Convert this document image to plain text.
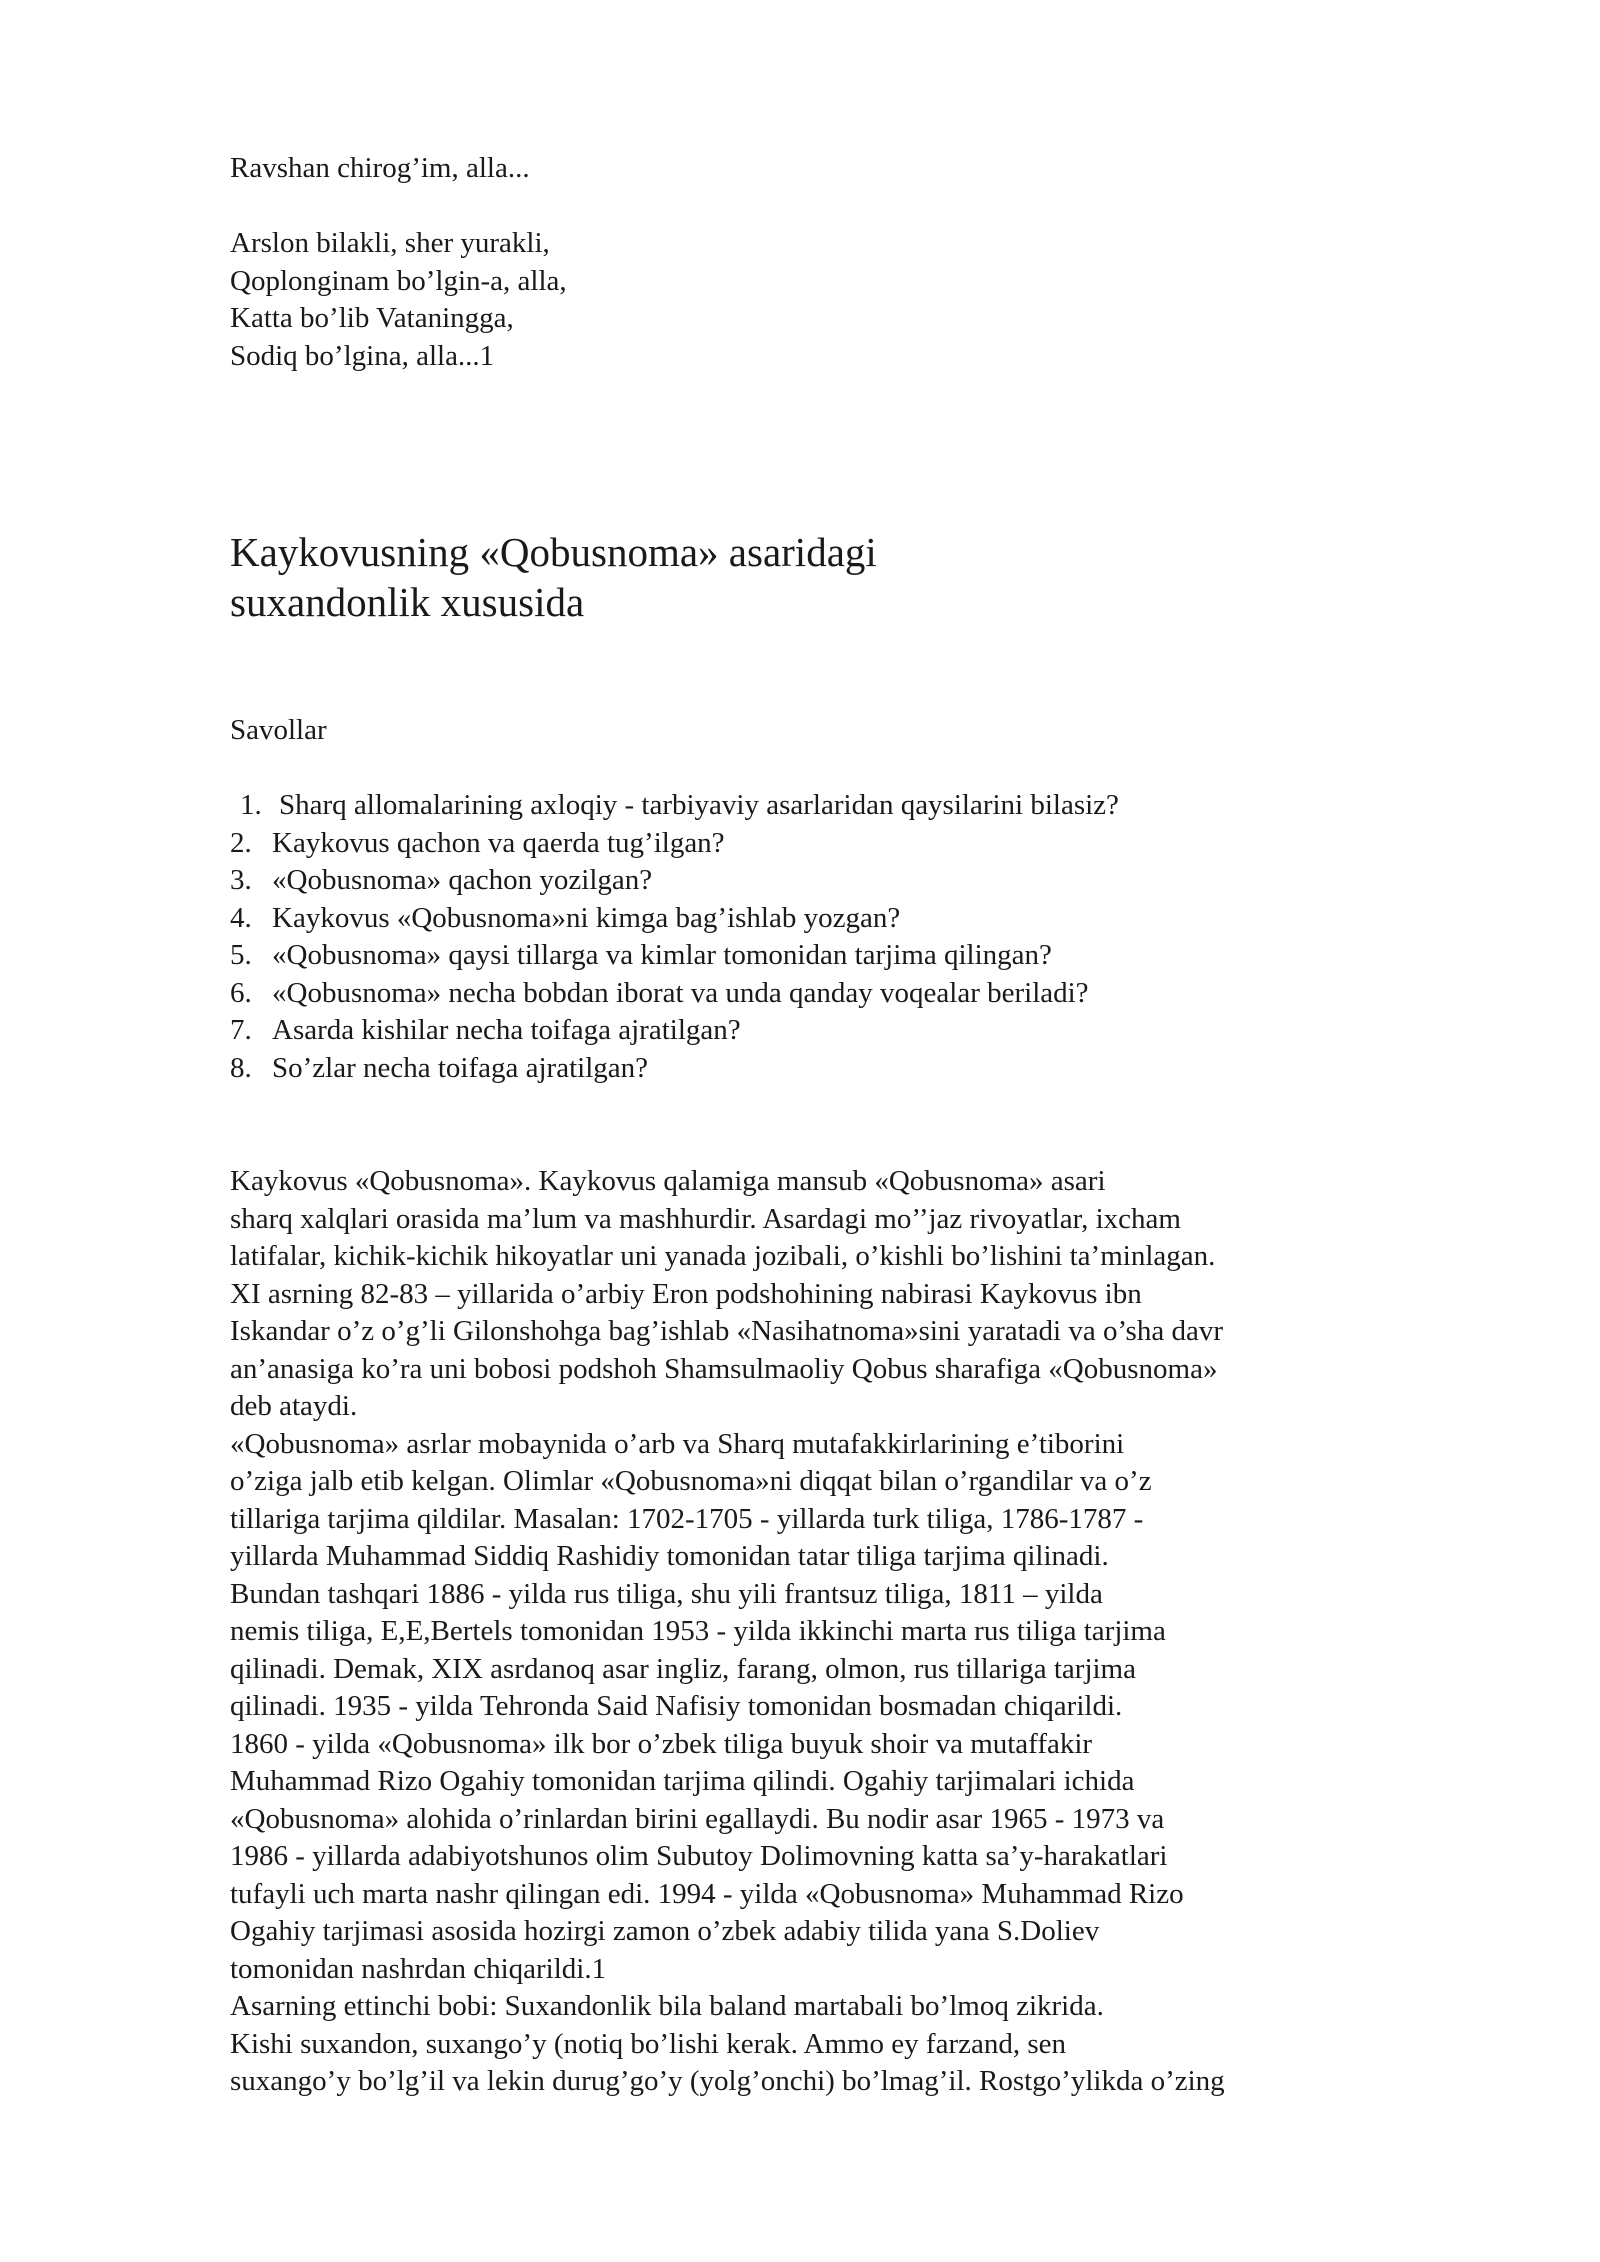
Ravshan chirog’im, alla...

Arslon bilakli, sher yurakli,

Qoplonginam bo’lgin-a, alla,

Katta bo’lib Vataningga,

Sodiq bo’lgina, alla...1

Kaykovusning «Qobusnoma» asaridagi

suxandonlik xususida

Savollar

1. Sharq allomalarining axloqiy - tarbiyaviy asarlaridan qaysilarini bilasiz?
2. Kaykovus qachon va qaerda tug’ilgan?
3. «Qobusnoma» qachon yozilgan?
4. Kaykovus «Qobusnoma»ni kimga bag’ishlab yozgan?
5. «Qobusnoma» qaysi tillarga va kimlar tomonidan tarjima qilingan?
6. «Qobusnoma» necha bobdan iborat va unda qanday voqealar beriladi?
7. Asarda kishilar necha toifaga ajratilgan?
8. So’zlar necha toifaga ajratilgan?

Kaykovus «Qobusnoma». Kaykovus qalamiga mansub «Qobusnoma» asari

sharq xalqlari orasida ma’lum va mashhurdir. Asardagi mo’’jaz rivoyatlar, ixcham

latifalar, kichik-kichik hikoyatlar uni yanada jozibali, o’kishli bo’lishini ta’minlagan.

XI asrning 82-83 – yillarida o’arbiy Eron podshohining nabirasi Kaykovus ibn

Iskandar o’z o’g’li Gilonshohga bag’ishlab «Nasihatnoma»sini yaratadi va o’sha davr

an’anasiga ko’ra uni bobosi podshoh Shamsulmaoliy Qobus sharafiga «Qobusnoma»

deb ataydi.

«Qobusnoma» asrlar mobaynida o’arb va Sharq mutafakkirlarining e’tiborini

o’ziga jalb etib kelgan. Olimlar «Qobusnoma»ni diqqat bilan o’rgandilar va o’z

tillariga tarjima qildilar. Masalan: 1702-1705 - yillarda turk tiliga, 1786-1787 -

yillarda Muhammad Siddiq Rashidiy tomonidan tatar tiliga tarjima qilinadi.

Bundan tashqari 1886 - yilda rus tiliga, shu yili frantsuz tiliga, 1811 – yilda

nemis tiliga, E,E,Bertels tomonidan 1953 - yilda ikkinchi marta rus tiliga tarjima

qilinadi. Demak, XIX asrdanoq asar ingliz, farang, olmon, rus tillariga tarjima

qilinadi. 1935 - yilda Tehronda Said Nafisiy tomonidan bosmadan chiqarildi.

1860 - yilda «Qobusnoma» ilk bor o’zbek tiliga buyuk shoir va mutaffakir

Muhammad Rizo Ogahiy tomonidan tarjima qilindi. Ogahiy tarjimalari ichida

«Qobusnoma» alohida o’rinlardan birini egallaydi. Bu nodir asar 1965 - 1973 va

1986 - yillarda adabiyotshunos olim Subutoy Dolimovning katta sa’y-harakatlari

tufayli uch marta nashr qilingan edi. 1994 - yilda «Qobusnoma» Muhammad Rizo

Ogahiy tarjimasi asosida hozirgi zamon o’zbek adabiy tilida yana S.Doliev

tomonidan nashrdan chiqarildi.1

Asarning ettinchi bobi: Suxandonlik bila baland martabali bo’lmoq zikrida.

Kishi suxandon, suxango’y (notiq bo’lishi kerak. Ammo ey farzand, sen

suxango’y bo’lg’il va lekin durug’go’y (yolg’onchi) bo’lmag’il. Rostgo’ylikda o’zing
